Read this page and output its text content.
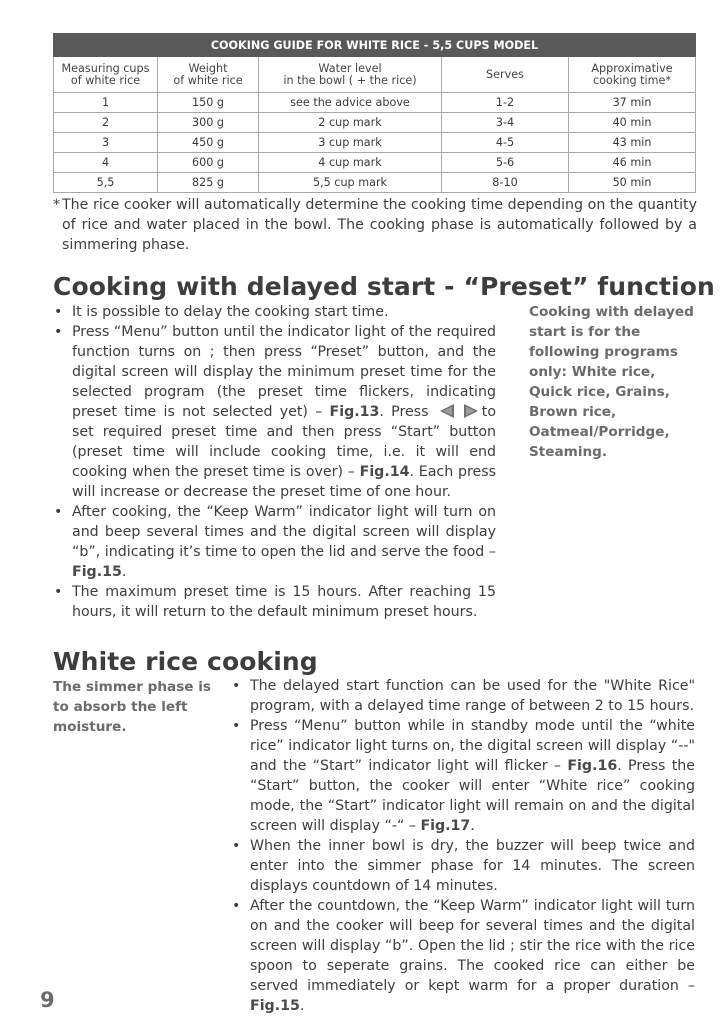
COOKING GUIDE FOR WHITE RICE - 5,5 CUPS MODEL				
Measuring cups
of white rice	Weight
of white rice	Water level
in the bowl ( + the rice)	Serves	Approximative
cooking time*
1	150 g	see the advice above	1-2	37 min
2	300 g	2 cup mark	3-4	40 min
3	450 g	3 cup mark	4-5	43 min
4	600 g	4 cup mark	5-6	46 min
5,5	825 g	5,5 cup mark	8-10	50 min
* The rice cooker will automatically determine the cooking time depending on the quantity of rice and water placed in the bowl. The cooking phase is automatically followed by a simmering phase.
Cooking with delayed start - “Preset” function
• It is possible to delay the cooking start time.
• Press “Menu” button until the indicator light of the required function turns on ; then press “Preset” button, and the digital screen will display the minimum preset time for the selected program (the preset time flickers, indicating preset time is not selected yet) – Fig.13. Press	to set required preset time and then press “Start” button (preset time will include cooking time, i.e. it will end cooking when the preset time is over) – Fig.14. Each press will increase or decrease the preset time of one hour.
• After cooking, the “Keep Warm” indicator light will turn on and beep several times and the digital screen will display “b”, indicating it’s time to open the lid and serve the food – Fig.15.
• The maximum preset time is 15 hours. After reaching 15 hours, it will return to the default minimum preset hours.
Cooking with delayed start is for the following programs only: White rice, Quick rice, Grains, Brown rice, Oatmeal/Porridge, Steaming.
White rice cooking
The simmer phase is to absorb the left moisture.
• The delayed start function can be used for the "White Rice" program, with a delayed time range of between 2 to 15 hours.
• Press “Menu” button while in standby mode until the “white rice” indicator light turns on, the digital screen will display “--" and the “Start” indicator light will flicker – Fig.16. Press the “Start” button, the cooker will enter “White rice” cooking mode, the “Start” indicator light will remain on and the digital screen will display “-“ – Fig.17.
• When the inner bowl is dry, the buzzer will beep twice and enter into the simmer phase for 14 minutes. The screen displays countdown of 14 minutes.
• After the countdown, the “Keep Warm” indicator light will turn on and the cooker will beep for several times and the digital screen will display “b”. Open the lid ; stir the rice with the rice spoon to seperate grains. The cooked rice can either be served immediately or kept warm for a proper duration – Fig.15.
9
